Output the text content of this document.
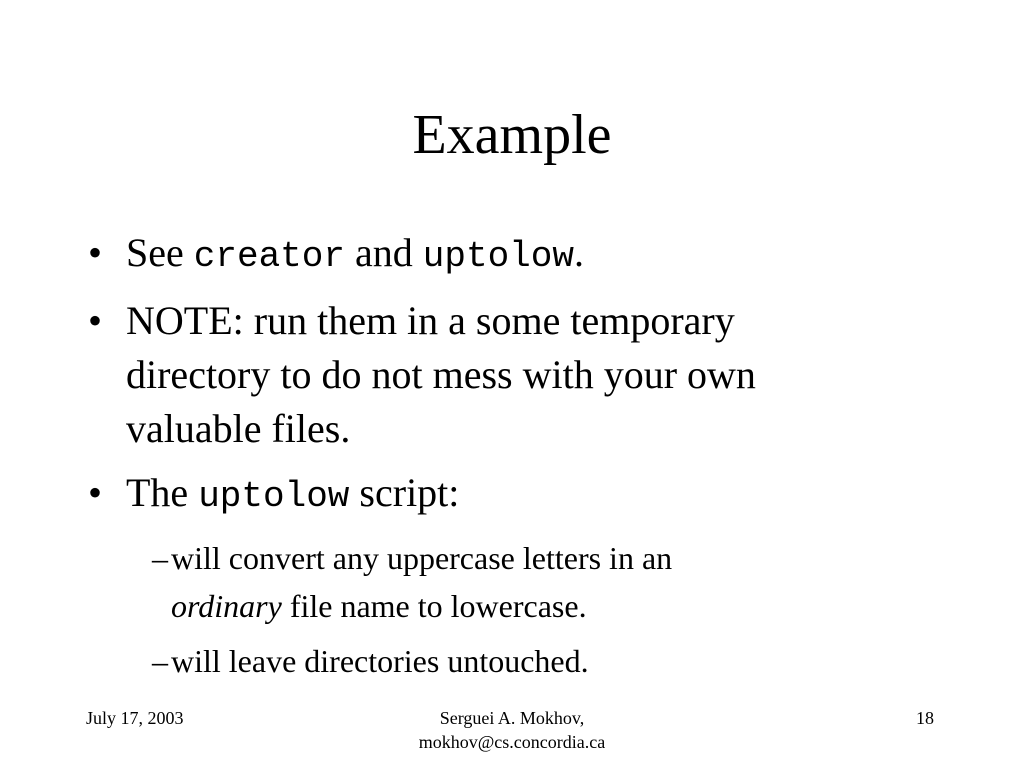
Example
• See creator and uptolow.
• NOTE: run them in a some temporary
directory to do not mess with your own
valuable files.
• The uptolow script:
– will convert any uppercase letters in an
ordinary file name to lowercase.
– will leave directories untouched.
July 17, 2003	Serguei A. Mokhov,
mokhov@cs.concordia.ca
18
